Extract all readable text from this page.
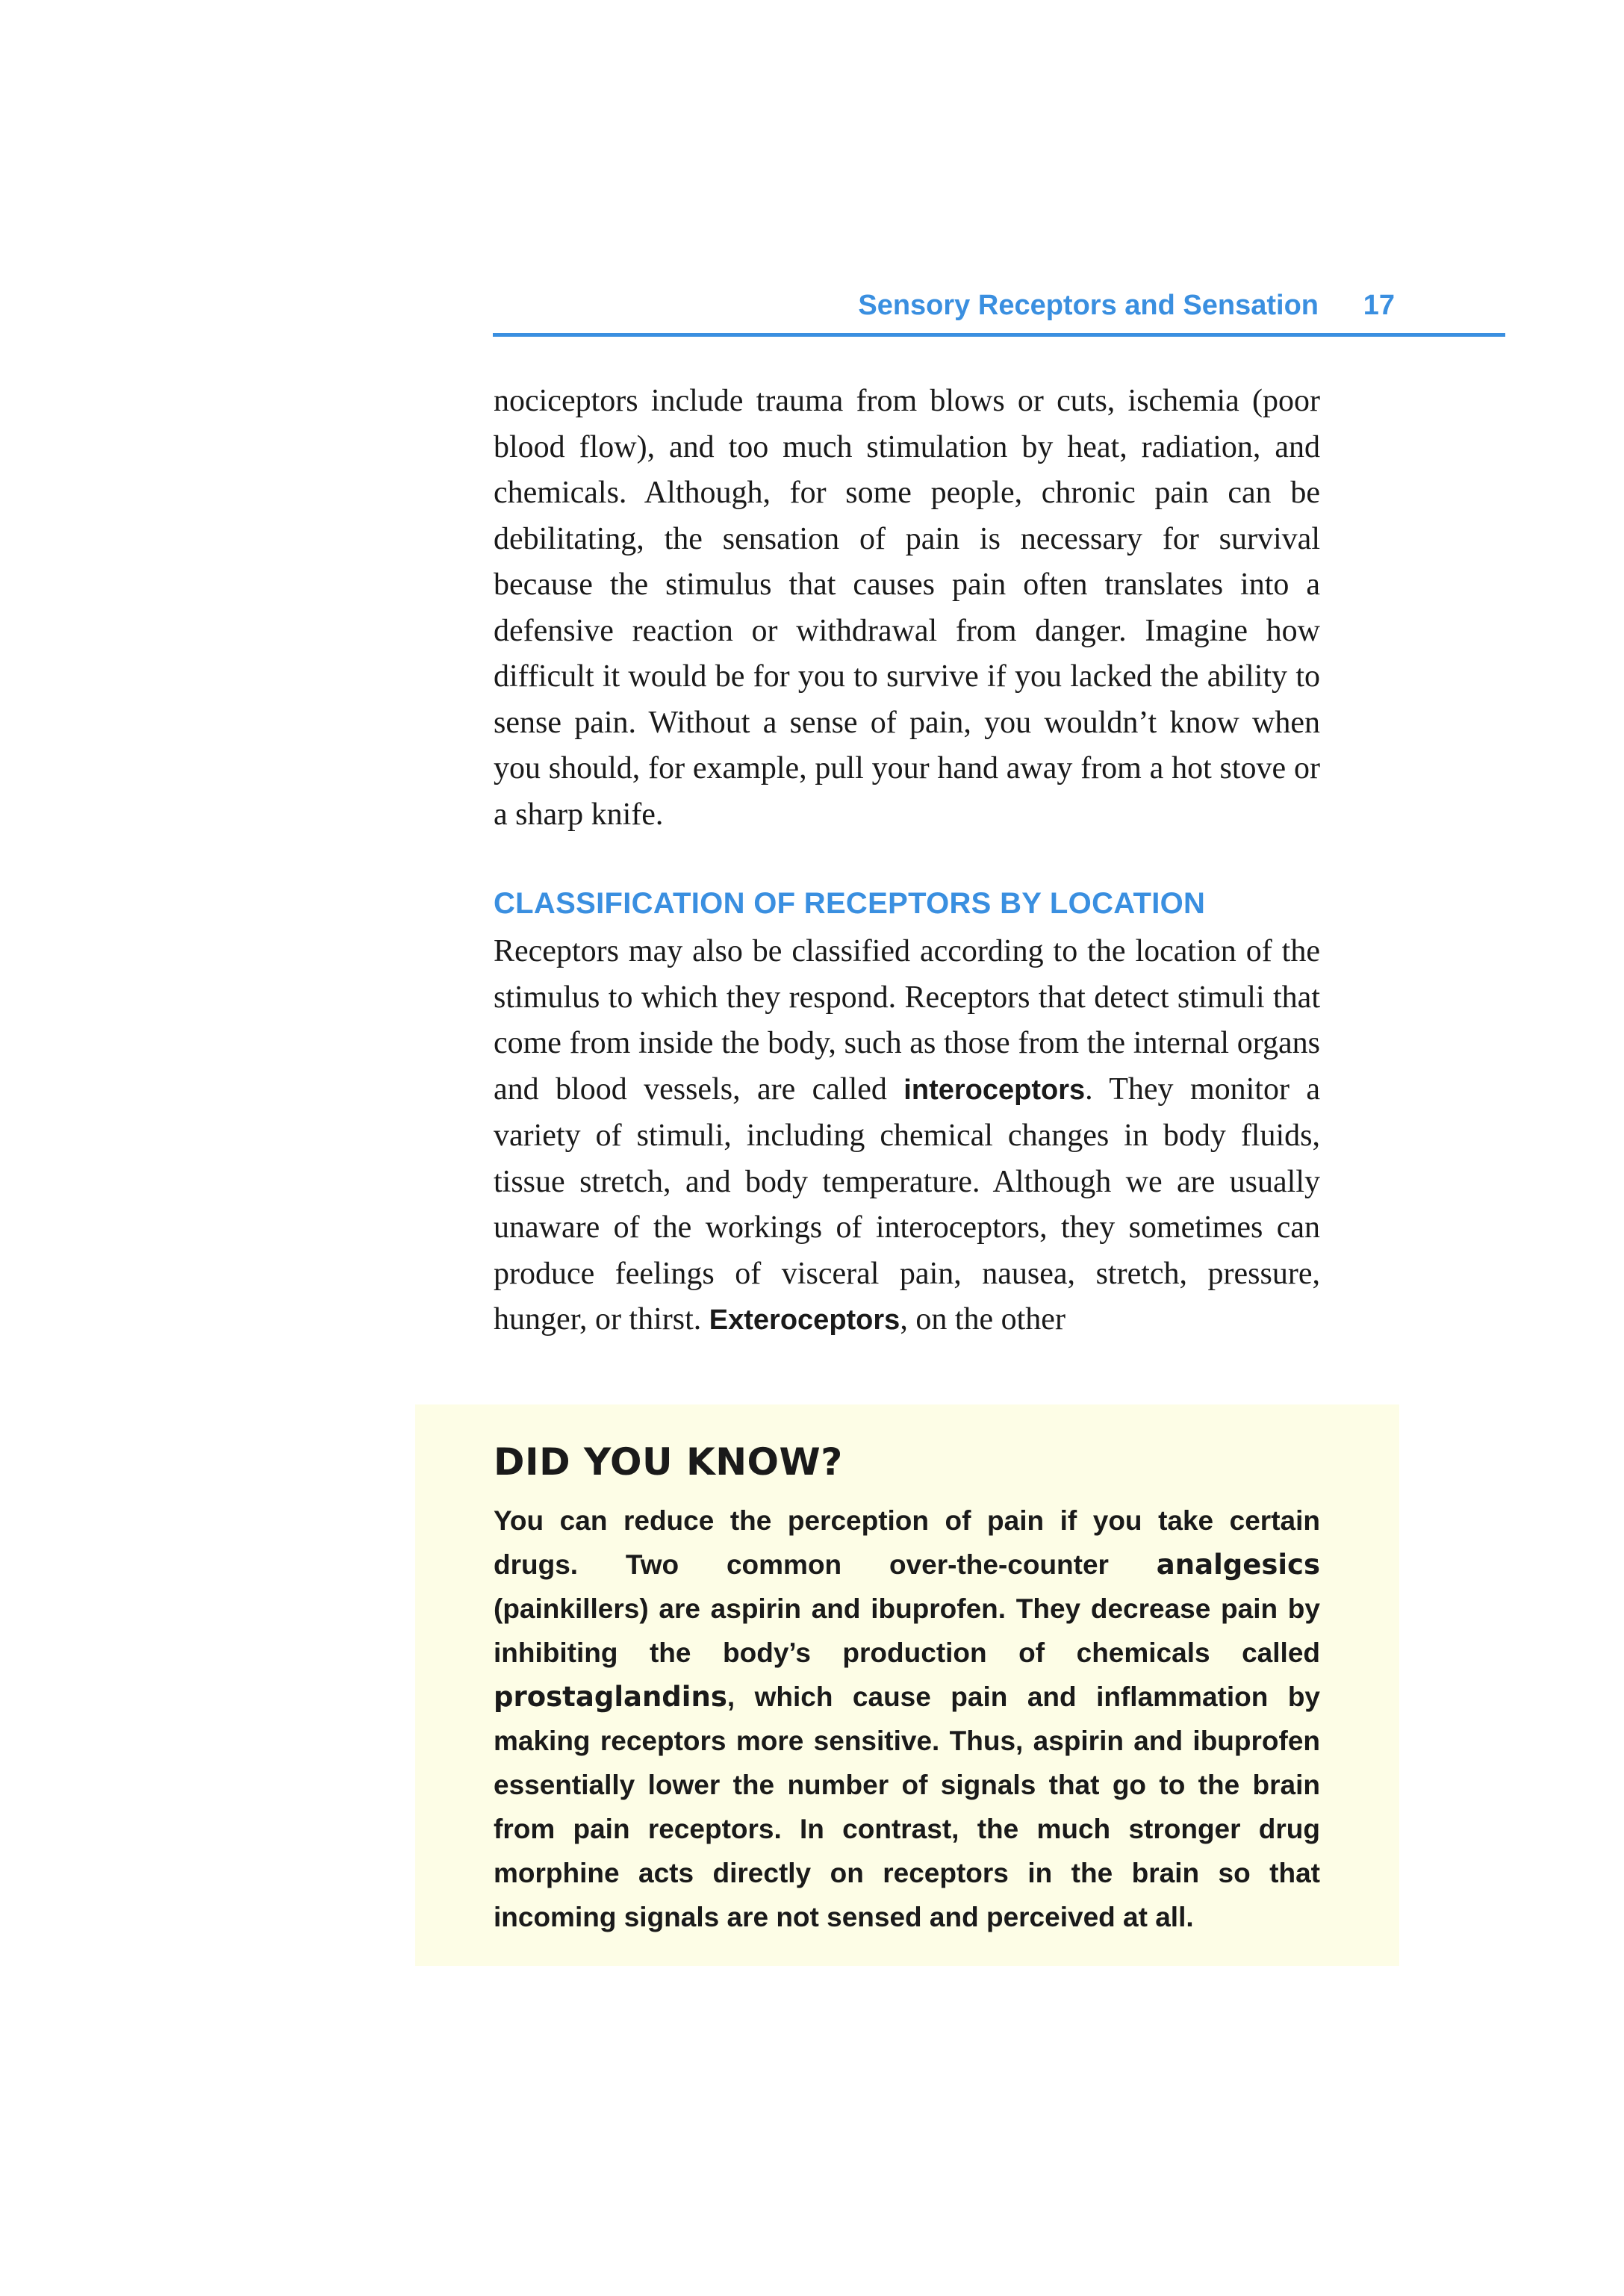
Sensory Receptors and Sensation 17

nociceptors include trauma from blows or cuts, ischemia (poor blood flow), and too much stimulation by heat, radiation, and chemicals. Although, for some people, chronic pain can be debilitating, the sensation of pain is necessary for survival because the stimulus that causes pain often translates into a defensive reaction or withdrawal from danger. Imagine how difficult it would be for you to survive if you lacked the ability to sense pain. Without a sense of pain, you wouldn’t know when you should, for example, pull your hand away from a hot stove or a sharp knife.

CLASSIFICATION OF RECEPTORS BY LOCATION

Receptors may also be classified according to the location of the stimulus to which they respond. Receptors that detect stimuli that come from inside the body, such as those from the internal organs and blood vessels, are called interoceptors. They monitor a variety of stimuli, including chemical changes in body fluids, tissue stretch, and body temperature. Although we are usually unaware of the workings of interoceptors, they sometimes can produce feelings of visceral pain, nausea, stretch, pressure, hunger, or thirst. Exteroceptors, on the other

DID YOU KNOW?

You can reduce the perception of pain if you take certain drugs. Two common over-the-counter analgesics (painkillers) are aspirin and ibuprofen. They decrease pain by inhibiting the body’s production of chemicals called prostaglandins, which cause pain and inflammation by making receptors more sensitive. Thus, aspirin and ibuprofen essentially lower the number of signals that go to the brain from pain receptors. In contrast, the much stronger drug morphine acts directly on receptors in the brain so that incoming signals are not sensed and perceived at all.
